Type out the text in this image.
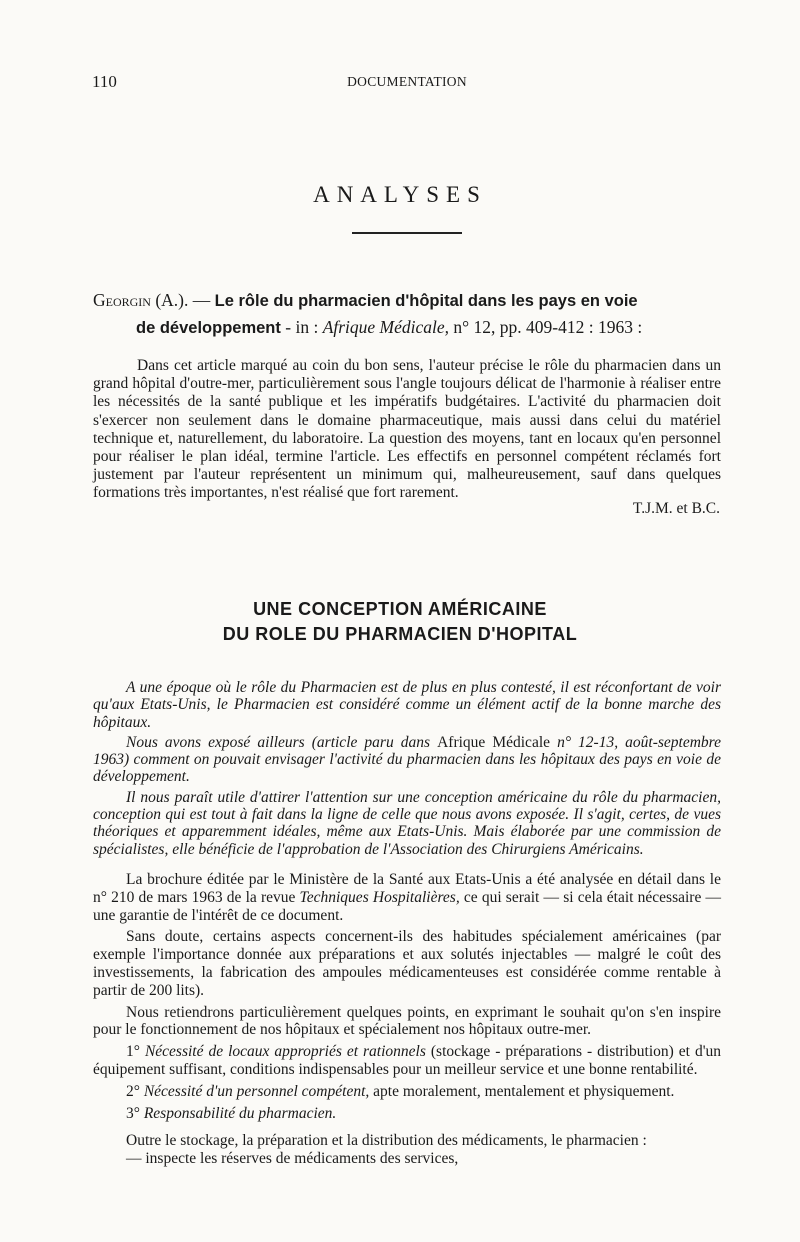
110	DOCUMENTATION
ANALYSES
Georgin (A.). — Le rôle du pharmacien d'hôpital dans les pays en voie
de développement - in : Afrique Médicale, n° 12, pp. 409-412 : 1963 :

Dans cet article marqué au coin du bon sens, l'auteur précise le rôle du pharmacien dans un grand hôpital d'outre-mer, particulièrement sous l'angle toujours délicat de l'harmonie à réaliser entre les nécessités de la santé publique et les impératifs budgétaires. L'activité du pharmacien doit s'exercer non seulement dans le domaine pharmaceutique, mais aussi dans celui du matériel technique et, naturellement, du laboratoire. La question des moyens, tant en locaux qu'en personnel pour réaliser le plan idéal, termine l'article. Les effectifs en personnel compétent réclamés fort justement par l'auteur représentent un minimum qui, malheureusement, sauf dans quelques formations très importantes, n'est réalisé que fort rarement.

T.J.M. et B.C.
UNE CONCEPTION AMÉRICAINE
DU ROLE DU PHARMACIEN D'HOPITAL

A une époque où le rôle du Pharmacien est de plus en plus contesté, il est réconfortant de voir qu'aux Etats-Unis, le Pharmacien est considéré comme un élément actif de la bonne marche des hôpitaux.

Nous avons exposé ailleurs (article paru dans Afrique Médicale n° 12-13, août-septembre 1963) comment on pouvait envisager l'activité du pharmacien dans les hôpitaux des pays en voie de développement.

Il nous paraît utile d'attirer l'attention sur une conception américaine du rôle du pharmacien, conception qui est tout à fait dans la ligne de celle que nous avons exposée. Il s'agit, certes, de vues théoriques et apparemment idéales, même aux Etats-Unis. Mais élaborée par une commission de spécialistes, elle bénéficie de l'approbation de l'Association des Chirurgiens Américains.

La brochure éditée par le Ministère de la Santé aux Etats-Unis a été analysée en détail dans le n° 210 de mars 1963 de la revue Techniques Hospitalières, ce qui serait — si cela était nécessaire — une garantie de l'intérêt de ce document.

Sans doute, certains aspects concernent-ils des habitudes spécialement américaines (par exemple l'importance donnée aux préparations et aux solutés injectables — malgré le coût des investissements, la fabrication des ampoules médicamenteuses est considérée comme rentable à partir de 200 lits).

Nous retiendrons particulièrement quelques points, en exprimant le souhait qu'on s'en inspire pour le fonctionnement de nos hôpitaux et spécialement nos hôpitaux outre-mer.

1° Nécessité de locaux appropriés et rationnels (stockage - préparations - distribution) et d'un équipement suffisant, conditions indispensables pour un meilleur service et une bonne rentabilité.

2° Nécessité d'un personnel compétent, apte moralement, mentalement et physiquement.

3° Responsabilité du pharmacien.

Outre le stockage, la préparation et la distribution des médicaments, le pharmacien :

— inspecte les réserves de médicaments des services,
